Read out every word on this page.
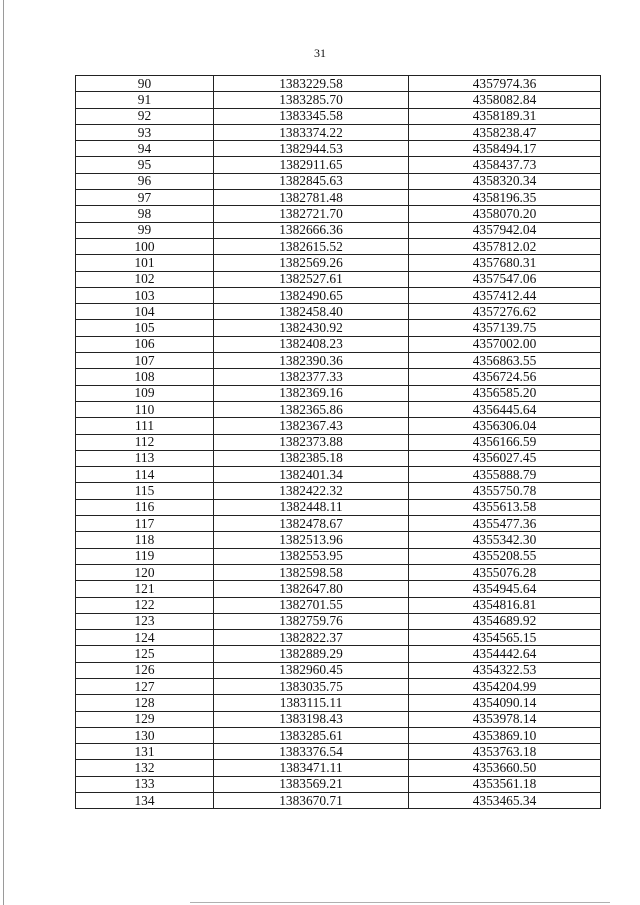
31
90	1383229.58	4357974.36
91	1383285.70	4358082.84
92	1383345.58	4358189.31
93	1383374.22	4358238.47
94	1382944.53	4358494.17
95	1382911.65	4358437.73
96	1382845.63	4358320.34
97	1382781.48	4358196.35
98	1382721.70	4358070.20
99	1382666.36	4357942.04
100	1382615.52	4357812.02
101	1382569.26	4357680.31
102	1382527.61	4357547.06
103	1382490.65	4357412.44
104	1382458.40	4357276.62
105	1382430.92	4357139.75
106	1382408.23	4357002.00
107	1382390.36	4356863.55
108	1382377.33	4356724.56
109	1382369.16	4356585.20
110	1382365.86	4356445.64
111	1382367.43	4356306.04
112	1382373.88	4356166.59
113	1382385.18	4356027.45
114	1382401.34	4355888.79
115	1382422.32	4355750.78
116	1382448.11	4355613.58
117	1382478.67	4355477.36
118	1382513.96	4355342.30
119	1382553.95	4355208.55
120	1382598.58	4355076.28
121	1382647.80	4354945.64
122	1382701.55	4354816.81
123	1382759.76	4354689.92
124	1382822.37	4354565.15
125	1382889.29	4354442.64
126	1382960.45	4354322.53
127	1383035.75	4354204.99
128	1383115.11	4354090.14
129	1383198.43	4353978.14
130	1383285.61	4353869.10
131	1383376.54	4353763.18
132	1383471.11	4353660.50
133	1383569.21	4353561.18
134	1383670.71	4353465.34
